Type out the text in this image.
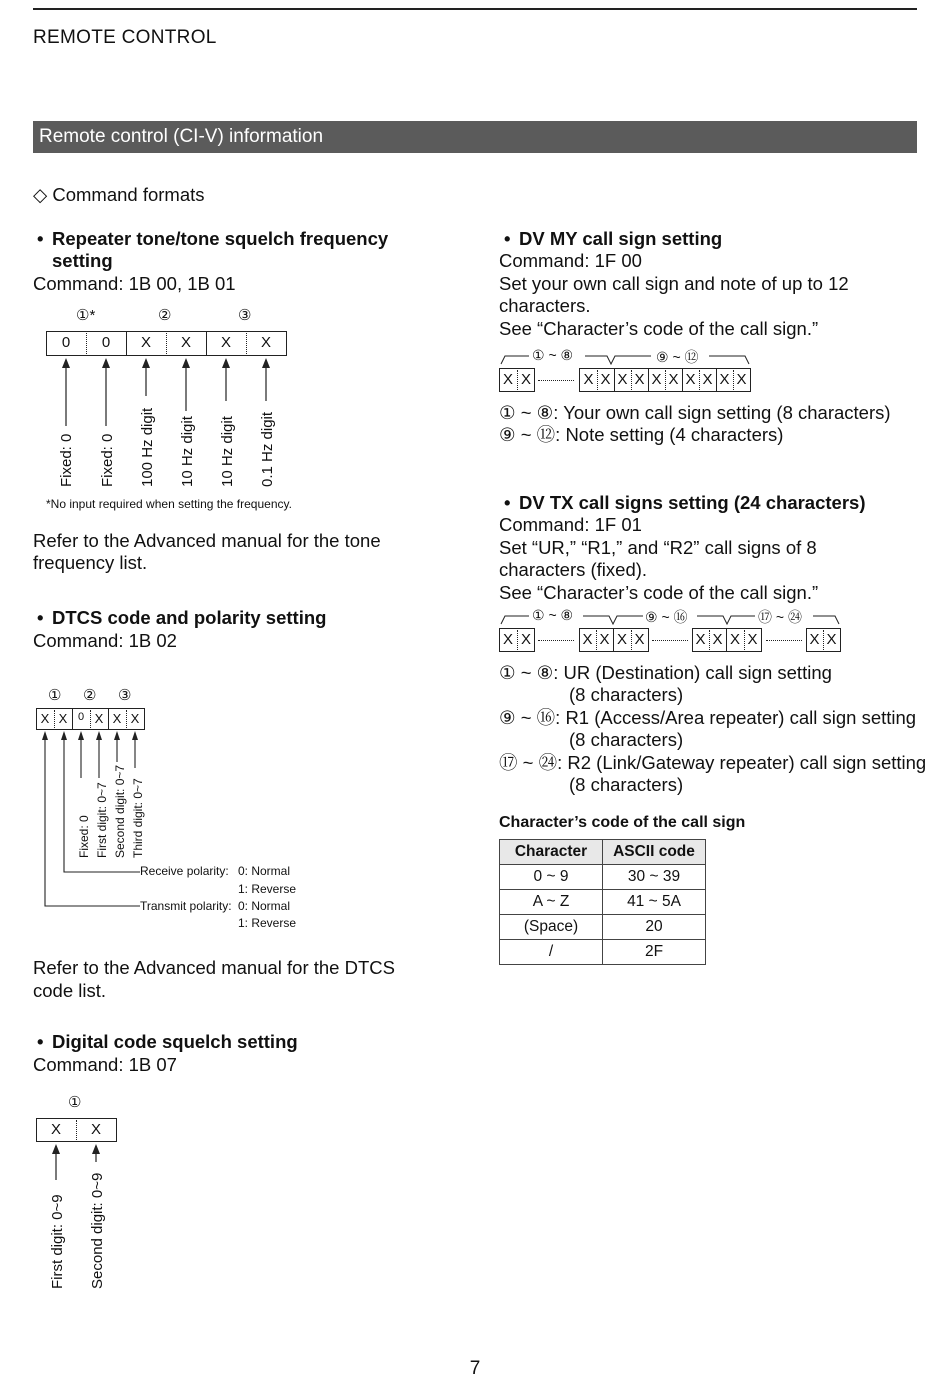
REMOTE CONTROL
Remote control (CI-V) information
◇ Command formats
• Repeater tone/tone squelch frequency
setting
Command: 1B 00, 1B 01
①*	②	③
0	0	X	X	X	X
Fixed: 0 Fixed: 0 100 Hz digit 10 Hz digit 10 Hz digit 0.1 Hz digit
*No input required when setting the frequency.
Refer to the Advanced manual for the tone
frequency list.
• DTCS code and polarity setting
Command: 1B 02
① ② ③
X X 0 X X X
Fixed: 0 First digit: 0~7 Second digit: 0~7 Third digit: 0~7
Receive polarity: 0: Normal
1: Reverse
Transmit polarity: 0: Normal
1: Reverse
Refer to the Advanced manual for the DTCS
code list.
• Digital code squelch setting
Command: 1B 07
①
X	X
First digit: 0~9 Second digit: 0~9
• DV MY call sign setting
Command: 1F 00
Set your own call sign and note of up to 12
characters.
See “Character’s code of the call sign.”
① ~ ⑧	⑨ ~ ⑫
X X	X X X X X X X X X X
① ~ ⑧: Your own call sign setting (8 characters)
⑨ ~ ⑫: Note setting (4 characters)
• DV TX call signs setting (24 characters)
Command: 1F 01
Set “UR,” “R1,” and “R2” call signs of 8
characters (fixed).
See “Character’s code of the call sign.”
① ~ ⑧	⑨ ~ ⑯	⑰ ~ ㉔
X X	X X X X	X X X X	X X
① ~ ⑧: UR (Destination) call sign setting
(8 characters)
⑨ ~ ⑯: R1 (Access/Area repeater) call sign setting
(8 characters)
⑰ ~ ㉔: R2 (Link/Gateway repeater) call sign setting
(8 characters)
Character’s code of the call sign
Character	ASCII code
0 ~ 9	30 ~ 39
A ~ Z	41 ~ 5A
(Space)	20
/	2F
7
